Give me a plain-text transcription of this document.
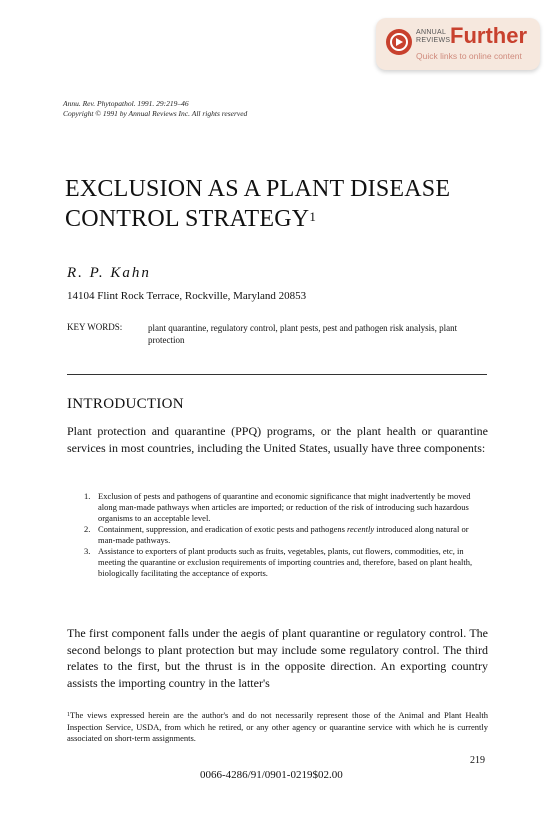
ANNUAL
REVIEWS Further
Quick links to online content
Annu. Rev. Phytopathol. 1991. 29:219–46
Copyright © 1991 by Annual Reviews Inc. All rights reserved
EXCLUSION AS A PLANT DISEASE
CONTROL STRATEGY$^1$
R. P. Kahn
14104 Flint Rock Terrace, Rockville, Maryland 20853
KEY WORDS:	plant quarantine, regulatory control, plant pests, pest and pathogen risk analysis, plant protection
INTRODUCTION
Plant protection and quarantine (PPQ) programs, or the plant health or quarantine services in most countries, including the United States, usually have three components:
1. Exclusion of pests and pathogens of quarantine and economic significance that might inadvertently be moved along man-made pathways when articles are imported; or reduction of the risk of introducing such hazardous organisms to an acceptable level.
2. Containment, suppression, and eradication of exotic pests and pathogens recently introduced along natural or man-made pathways.
3. Assistance to exporters of plant products such as fruits, vegetables, plants, cut flowers, commodities, etc, in meeting the quarantine or exclusion requirements of importing countries and, therefore, based on plant health, biologically facilitating the acceptance of exports.
The first component falls under the aegis of plant quarantine or regulatory control. The second belongs to plant protection but may include some regulatory control. The third relates to the first, but the thrust is in the opposite direction. An exporting country assists the importing country in the latter's
$^1$The views expressed herein are the author's and do not necessarily represent those of the Animal and Plant Health Inspection Service, USDA, from which he retired, or any other agency or quarantine service with which he is currently associated on short-term assignments.
219
0066-4286/91/0901-0219$02.00
